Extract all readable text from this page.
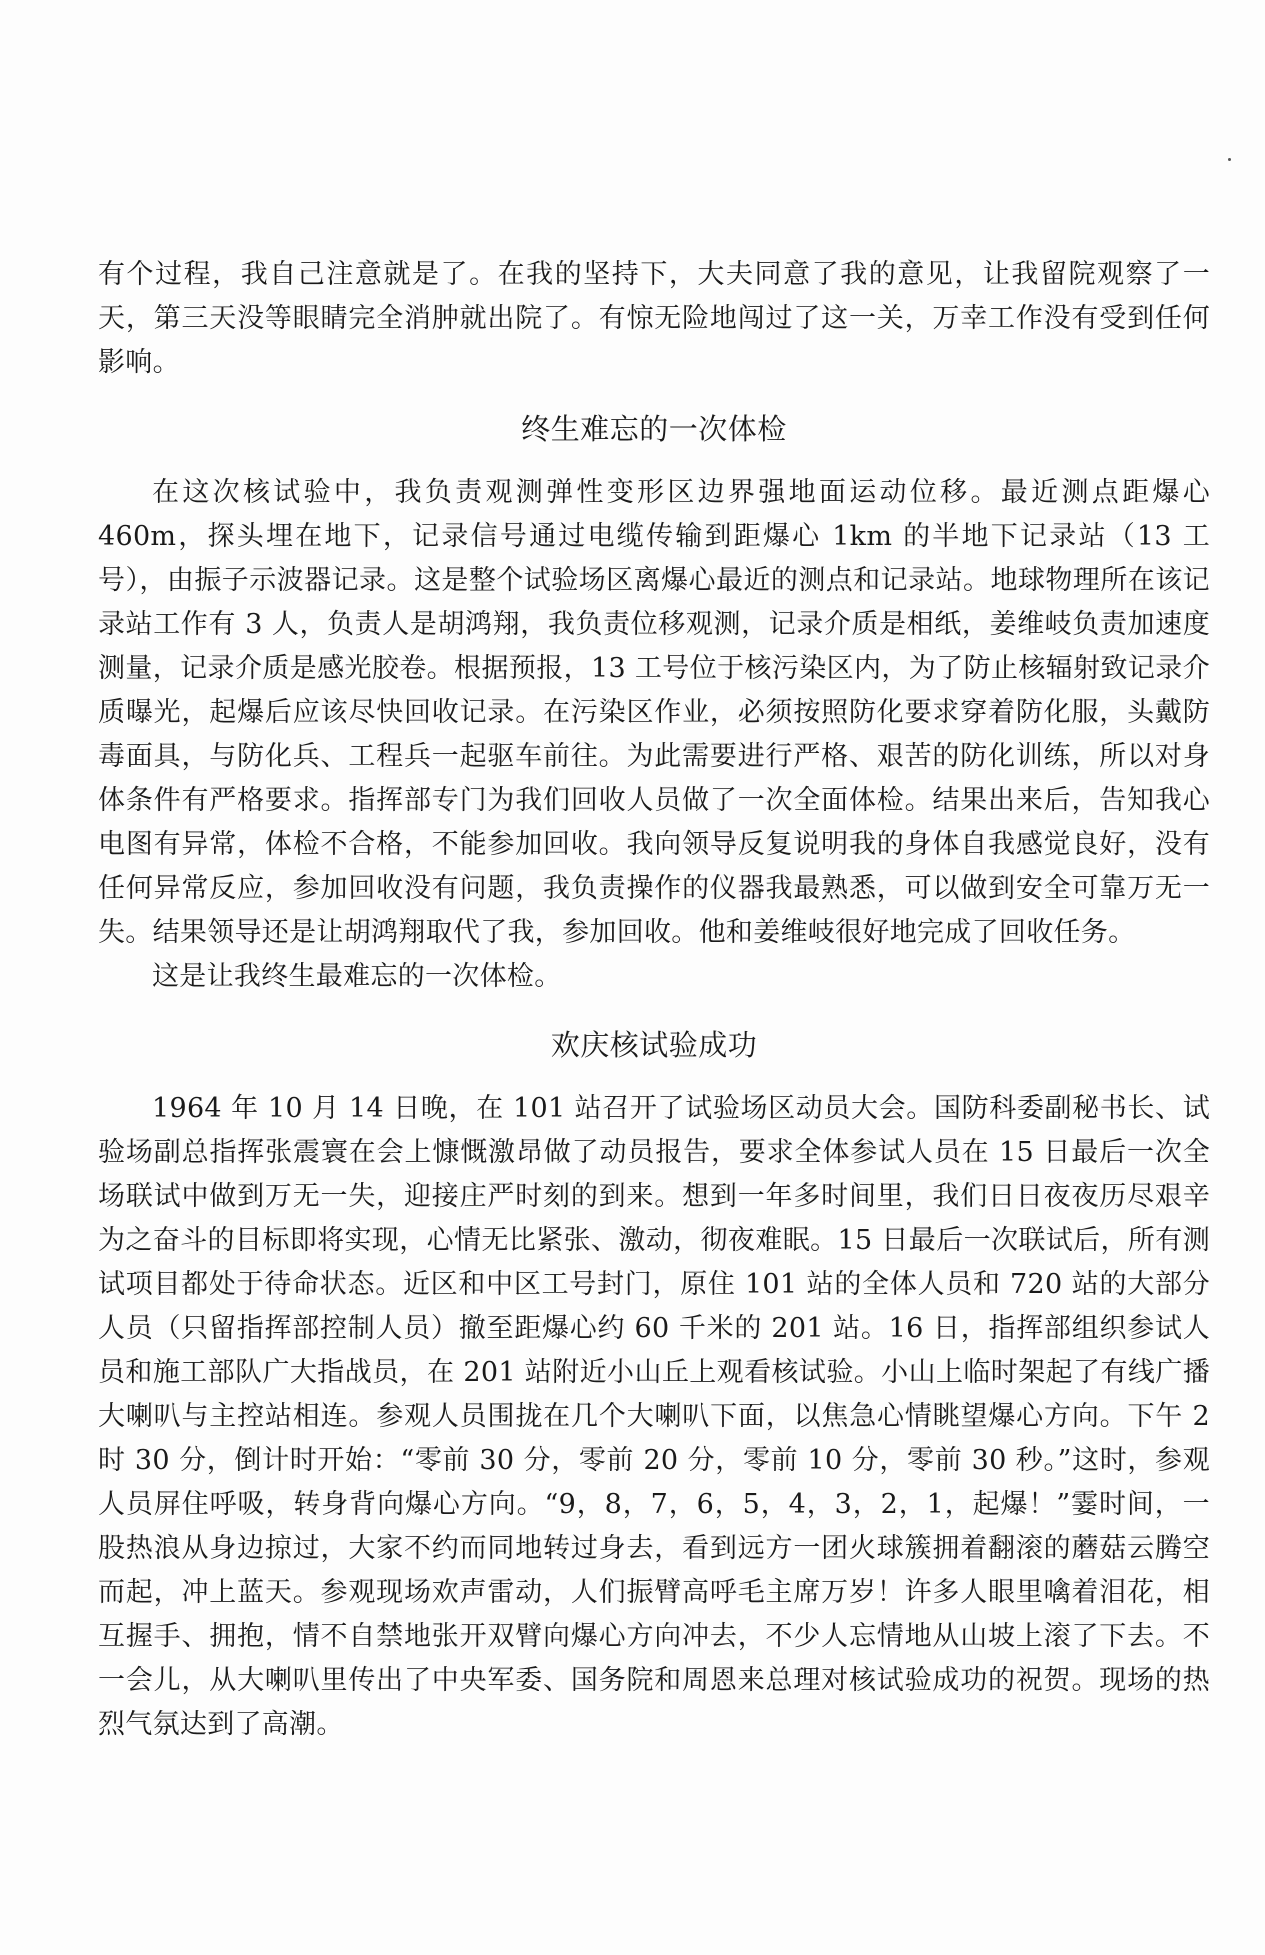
有个过程，我自己注意就是了。在我的坚持下，大夫同意了我的意见，让我留院观察了一天，第三天没等眼睛完全消肿就出院了。有惊无险地闯过了这一关，万幸工作没有受到任何影响。

终生难忘的一次体检

在这次核试验中，我负责观测弹性变形区边界强地面运动位移。最近测点距爆心460m，探头埋在地下，记录信号通过电缆传输到距爆心 1km 的半地下记录站（13 工号），由振子示波器记录。这是整个试验场区离爆心最近的测点和记录站。地球物理所在该记录站工作有 3 人，负责人是胡鸿翔，我负责位移观测，记录介质是相纸，姜维岐负责加速度测量，记录介质是感光胶卷。根据预报，13 工号位于核污染区内，为了防止核辐射致记录介质曝光，起爆后应该尽快回收记录。在污染区作业，必须按照防化要求穿着防化服，头戴防毒面具，与防化兵、工程兵一起驱车前往。为此需要进行严格、艰苦的防化训练，所以对身体条件有严格要求。指挥部专门为我们回收人员做了一次全面体检。结果出来后，告知我心电图有异常，体检不合格，不能参加回收。我向领导反复说明我的身体自我感觉良好，没有任何异常反应，参加回收没有问题，我负责操作的仪器我最熟悉，可以做到安全可靠万无一失。结果领导还是让胡鸿翔取代了我，参加回收。他和姜维岐很好地完成了回收任务。

这是让我终生最难忘的一次体检。

欢庆核试验成功

1964 年 10 月 14 日晚，在 101 站召开了试验场区动员大会。国防科委副秘书长、试验场副总指挥张震寰在会上慷慨激昂做了动员报告，要求全体参试人员在 15 日最后一次全场联试中做到万无一失，迎接庄严时刻的到来。想到一年多时间里，我们日日夜夜历尽艰辛为之奋斗的目标即将实现，心情无比紧张、激动，彻夜难眠。15 日最后一次联试后，所有测试项目都处于待命状态。近区和中区工号封门，原住 101 站的全体人员和 720 站的大部分人员（只留指挥部控制人员）撤至距爆心约 60 千米的 201 站。16 日，指挥部组织参试人员和施工部队广大指战员，在 201 站附近小山丘上观看核试验。小山上临时架起了有线广播大喇叭与主控站相连。参观人员围拢在几个大喇叭下面，以焦急心情眺望爆心方向。下午 2 时 30 分，倒计时开始：“零前 30 分，零前 20 分，零前 10 分，零前 30 秒。”这时，参观人员屏住呼吸，转身背向爆心方向。“9，8，7，6，5，4，3，2，1，起爆！”霎时间，一股热浪从身边掠过，大家不约而同地转过身去，看到远方一团火球簇拥着翻滚的蘑菇云腾空而起，冲上蓝天。参观现场欢声雷动，人们振臂高呼毛主席万岁！许多人眼里噙着泪花，相互握手、拥抱，情不自禁地张开双臂向爆心方向冲去，不少人忘情地从山坡上滚了下去。不一会儿，从大喇叭里传出了中央军委、国务院和周恩来总理对核试验成功的祝贺。现场的热烈气氛达到了高潮。
